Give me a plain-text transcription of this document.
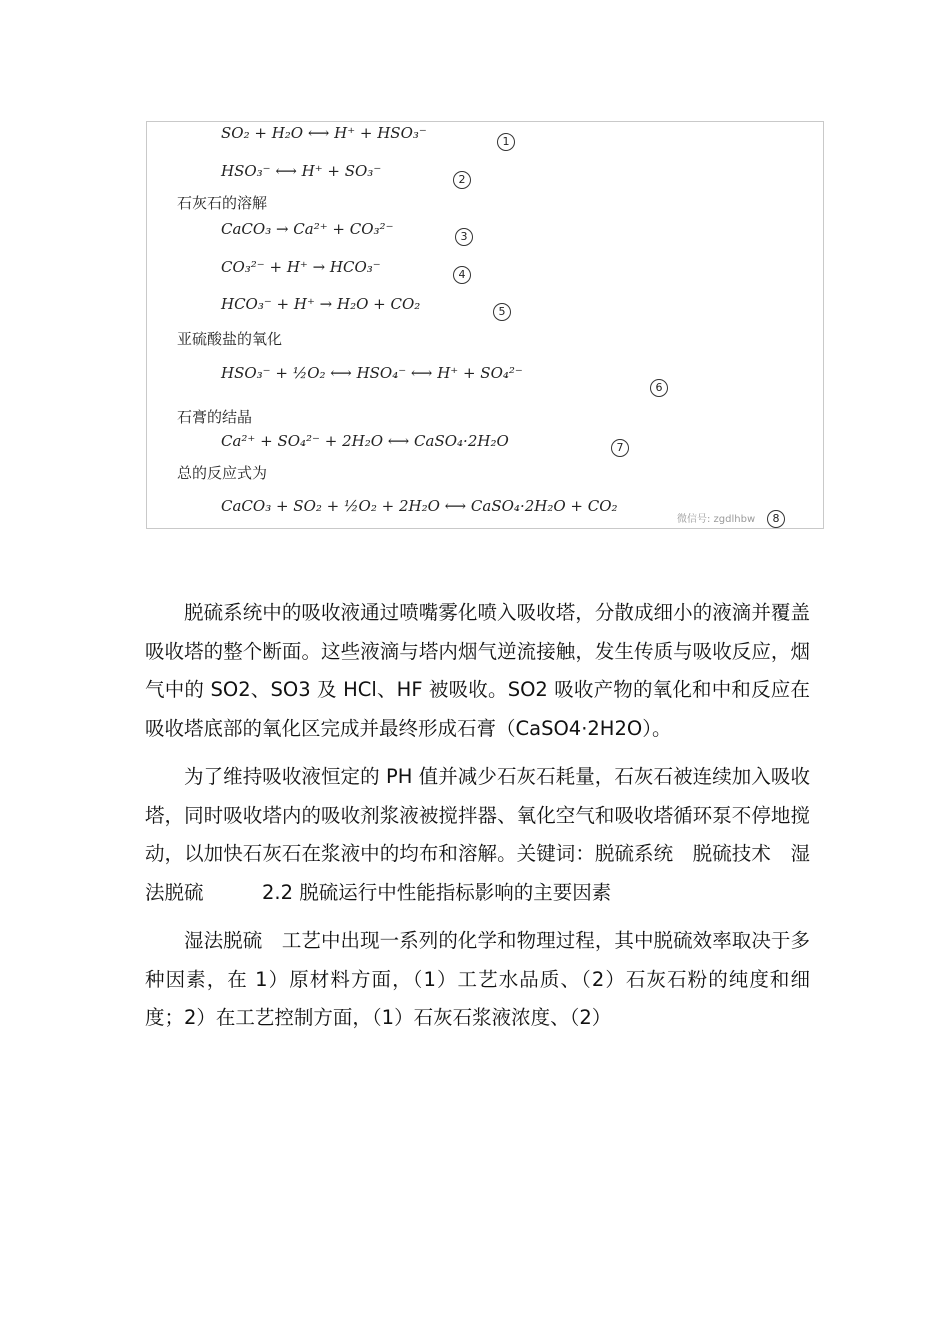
SO₂ + H₂O ⟷ H⁺ + HSO₃⁻	1
HSO₃⁻ ⟷ H⁺ + SO₃⁻	2
石灰石的溶解
CaCO₃ → Ca²⁺ + CO₃²⁻	3
CO₃²⁻ + H⁺ → HCO₃⁻	4
HCO₃⁻ + H⁺ → H₂O + CO₂	5
亚硫酸盐的氧化
HSO₃⁻ + ½O₂ ⟷ HSO₄⁻ ⟷ H⁺ + SO₄²⁻
6
石膏的结晶
Ca²⁺ + SO₄²⁻ + 2H₂O ⟷ CaSO₄·2H₂O	7
总的反应式为
CaCO₃ + SO₂ + ½O₂ + 2H₂O ⟷ CaSO₄·2H₂O + CO₂
8
微信号: zgdlhbw

脱硫系统中的吸收液通过喷嘴雾化喷入吸收塔，分散成细小的液滴并覆盖吸收塔的整个断面。这些液滴与塔内烟气逆流接触，发生传质与吸收反应，烟气中的 SO2、SO3 及 HCl、HF 被吸收。SO2 吸收产物的氧化和中和反应在吸收塔底部的氧化区完成并最终形成石膏（CaSO4·2H2O）。

为了维持吸收液恒定的 PH 值并减少石灰石耗量，石灰石被连续加入吸收塔，同时吸收塔内的吸收剂浆液被搅拌器、氧化空气和吸收塔循环泵不停地搅动，以加快石灰石在浆液中的均布和溶解。关键词：脱硫系统　脱硫技术　湿法脱硫　　　2.2 脱硫运行中性能指标影响的主要因素

湿法脱硫　工艺中出现一系列的化学和物理过程，其中脱硫效率取决于多种因素，在 1）原材料方面，（1）工艺水品质、（2）石灰石粉的纯度和细度；2）在工艺控制方面，（1）石灰石浆液浓度、（2）
